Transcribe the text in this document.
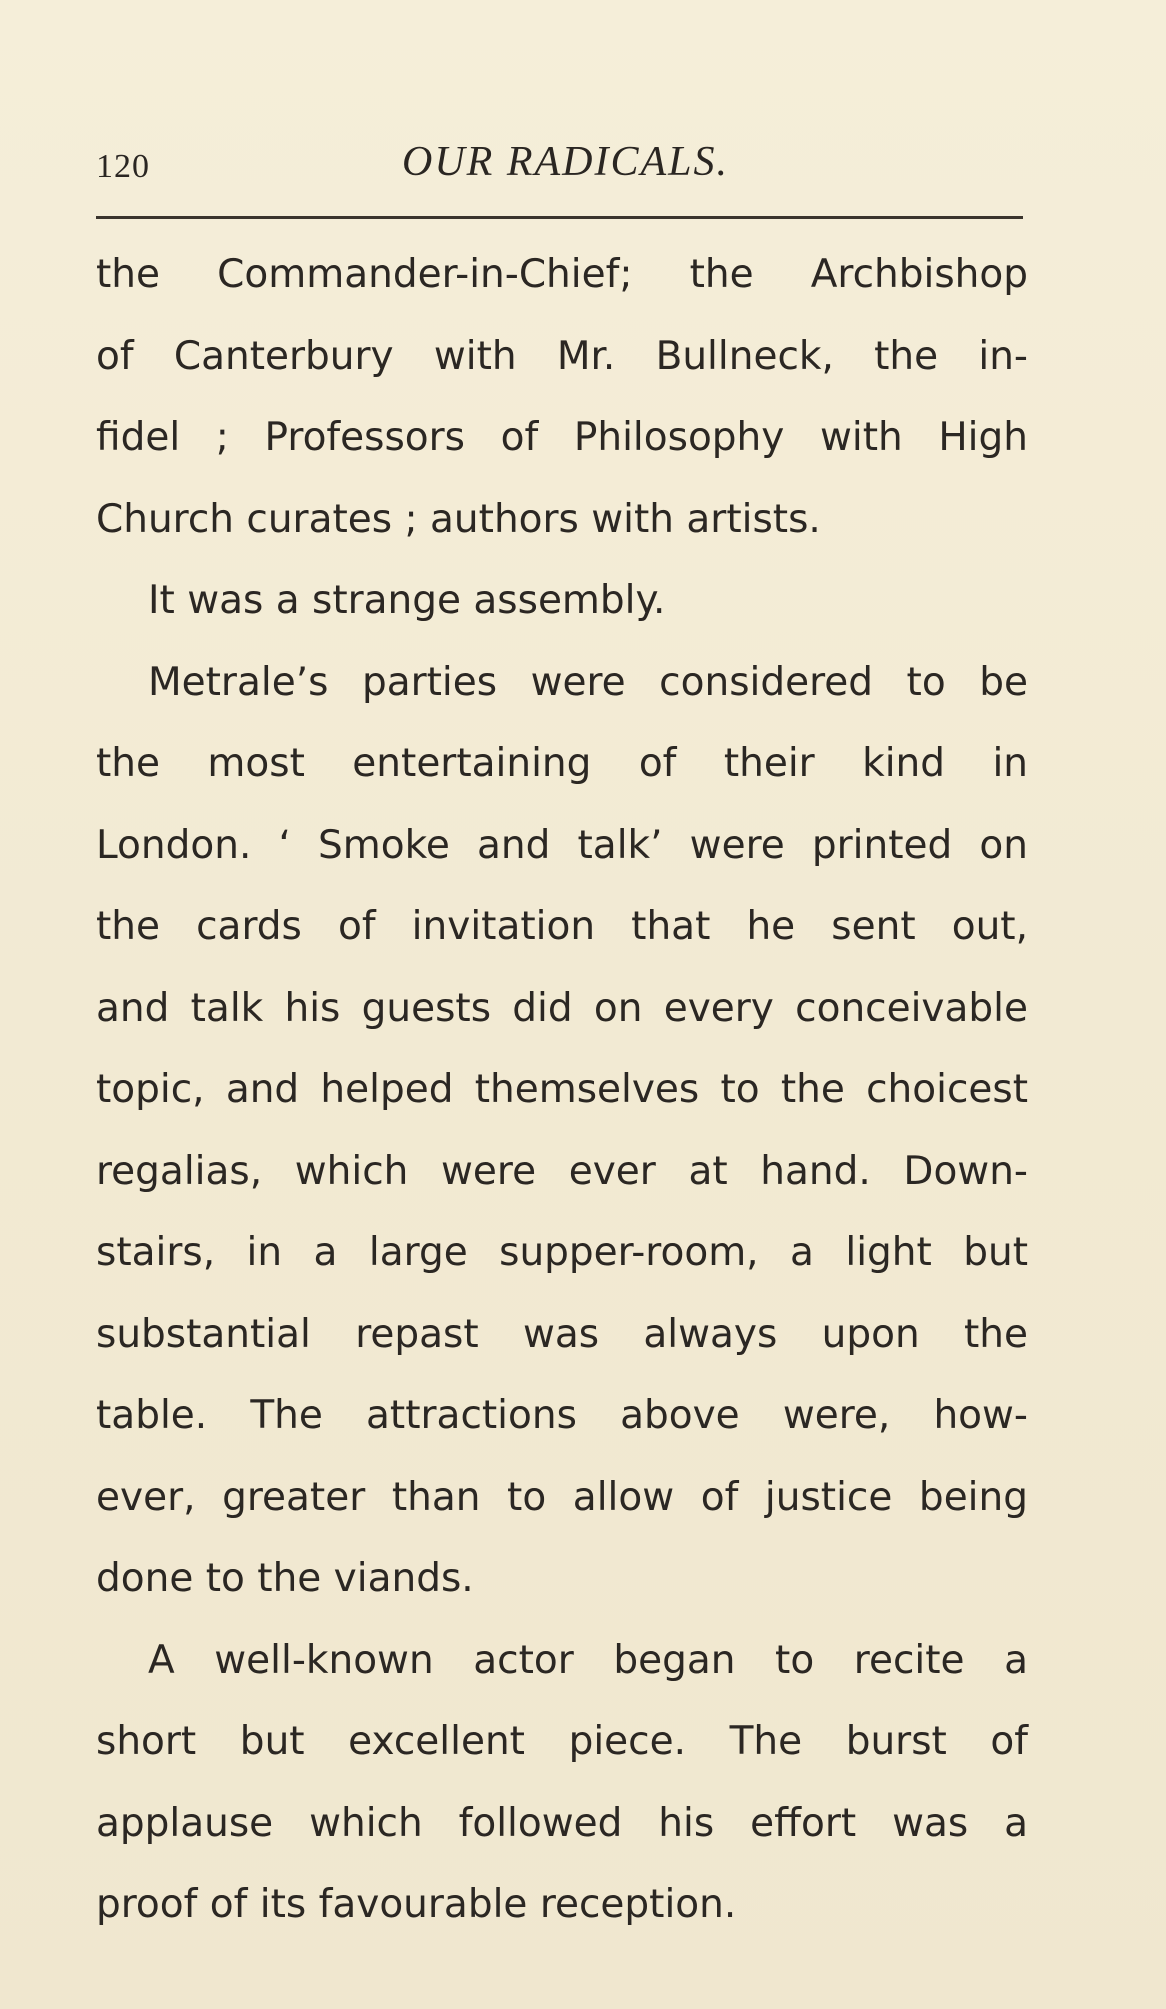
120	OUR RADICALS.
the Commander-in-Chief; the Archbishop
of Canterbury with Mr. Bullneck, the in-
fidel ; Professors of Philosophy with High
Church curates ; authors with artists.
It was a strange assembly.
Metrale’s parties were considered to be
the most entertaining of their kind in
London. ‘ Smoke and talk’ were printed on
the cards of invitation that he sent out,
and talk his guests did on every conceivable
topic, and helped themselves to the choicest
regalias, which were ever at hand. Down-
stairs, in a large supper-room, a light but
substantial repast was always upon the
table. The attractions above were, how-
ever, greater than to allow of justice being
done to the viands.
A well-known actor began to recite a
short but excellent piece. The burst of
applause which followed his effort was a
proof of its favourable reception.
